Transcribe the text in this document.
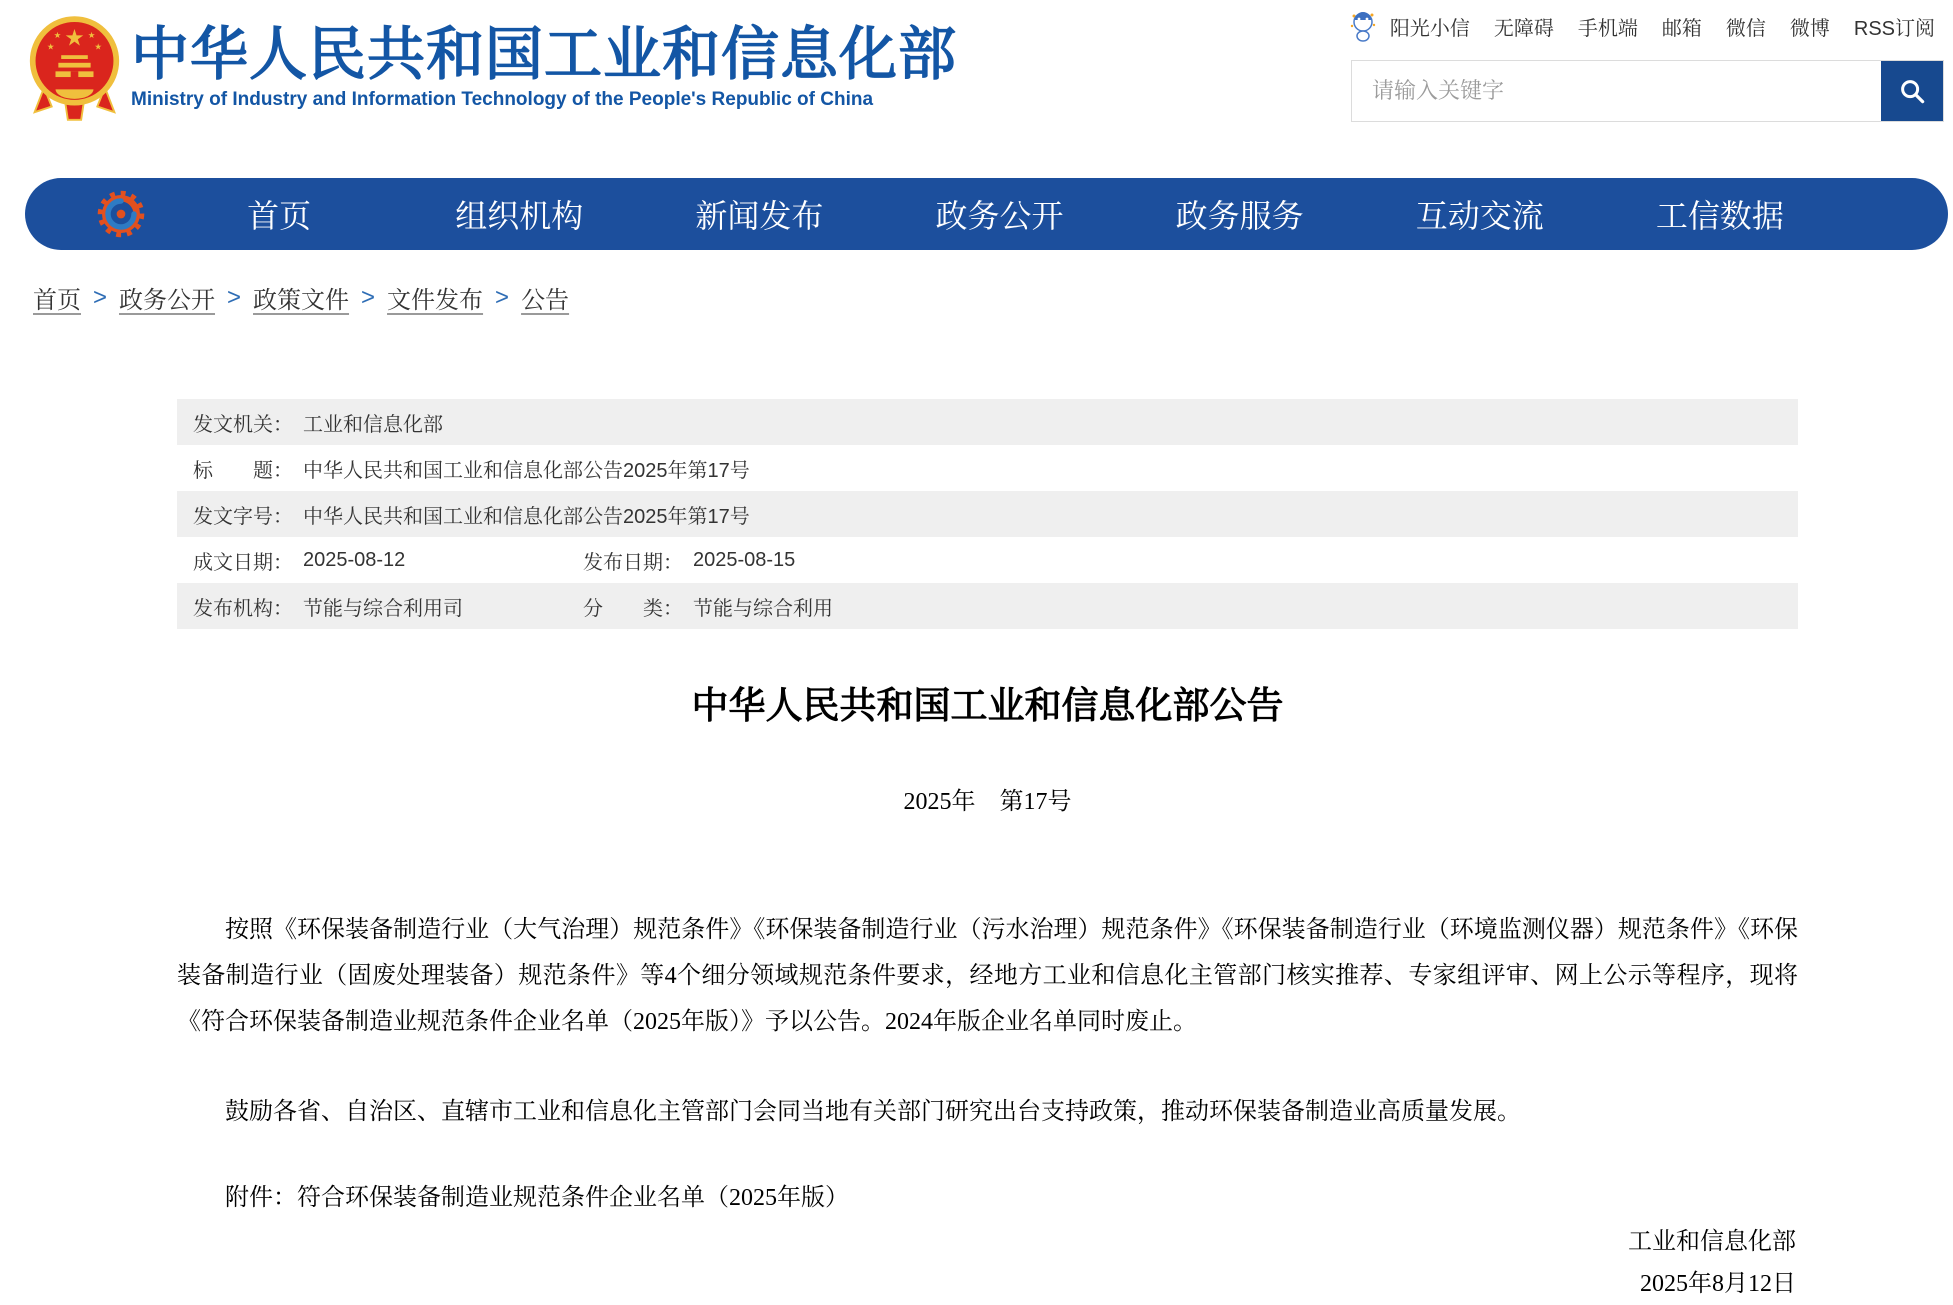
★
★	★
★	★ 中华人民共和国工业和信息化部
Ministry of Industry and Information Technology of the People's Republic of China
阳光小信 无障碍 手机端 邮箱 微信 微博 RSS订阅
请输入关键字
首页	组织机构	新闻发布	政务公开	政务服务	互动交流	工信数据
首页 > 政务公开 > 政策文件 > 文件发布 > 公告
发文机关： 工业和信息化部
标　　题： 中华人民共和国工业和信息化部公告2025年第17号
发文字号： 中华人民共和国工业和信息化部公告2025年第17号
成文日期： 2025-08-12	发布日期： 2025-08-15
发布机构： 节能与综合利用司	分　　类： 节能与综合利用
中华人民共和国工业和信息化部公告
2025年　第17号

按照《环保装备制造行业（大气治理）规范条件》《环保装备制造行业（污水治理）规范条件》《环保装备制造行业（环境监测仪器）规范条件》《环保装备制造行业（固废处理装备）规范条件》等4个细分领域规范条件要求，经地方工业和信息化主管部门核实推荐、专家组评审、网上公示等程序，现将《符合环保装备制造业规范条件企业名单（2025年版）》予以公告。2024年版企业名单同时废止。

鼓励各省、自治区、直辖市工业和信息化主管部门会同当地有关部门研究出台支持政策，推动环保装备制造业高质量发展。

附件：符合环保装备制造业规范条件企业名单（2025年版）
工业和信息化部
2025年8月12日
